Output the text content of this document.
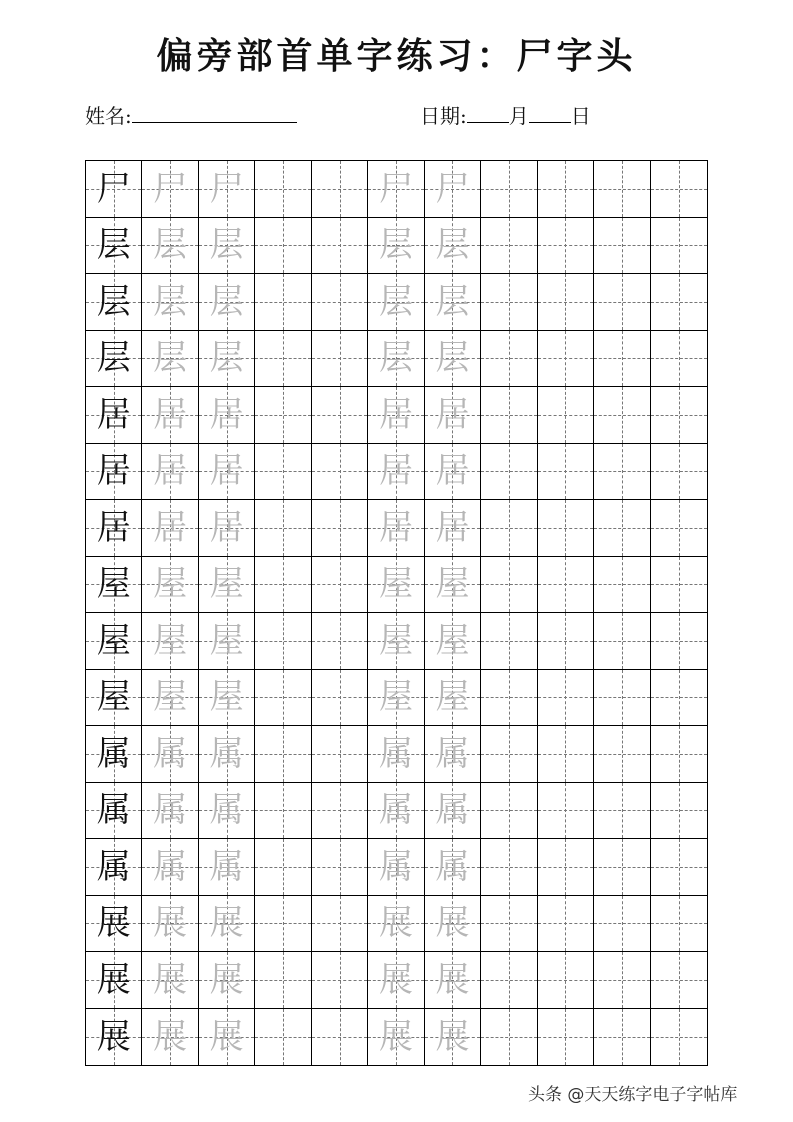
偏旁部首单字练习：尸字头
姓名:	日期: 月 日
尸 尸 尸	尸 尸
层 层 层	层 层
层 层 层	层 层
层 层 层	层 层
居 居 居	居 居
居 居 居	居 居
居 居 居	居 居
屋 屋 屋	屋 屋
屋 屋 屋	屋 屋
屋 屋 屋	屋 屋
属 属 属	属 属
属 属 属	属 属
属 属 属	属 属
展 展 展	展 展
展 展 展	展 展
展 展 展	展 展
头条 @天天练字电子字帖库
